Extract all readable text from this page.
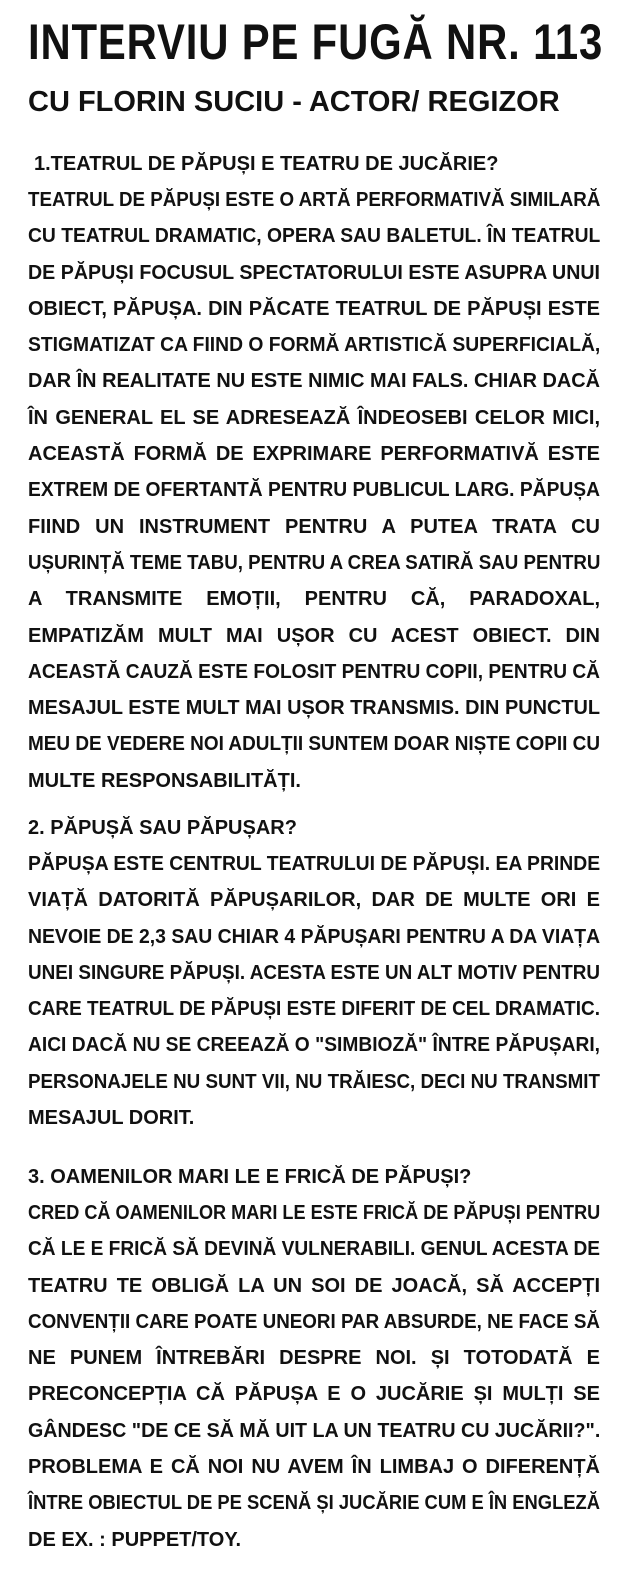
INTERVIU PE FUGĂ NR. 113
CU FLORIN SUCIU - ACTOR/ REGIZOR
1.TEATRUL DE PĂPUȘI E TEATRU DE JUCĂRIE?
TEATRUL DE PĂPUȘI ESTE O ARTĂ PERFORMATIVĂ SIMILARĂ
CU TEATRUL DRAMATIC, OPERA SAU BALETUL. ÎN TEATRUL
DE PĂPUȘI FOCUSUL SPECTATORULUI ESTE ASUPRA UNUI
OBIECT, PĂPUȘA. DIN PĂCATE TEATRUL DE PĂPUȘI ESTE
STIGMATIZAT CA FIIND O FORMĂ ARTISTICĂ SUPERFICIALĂ,
DAR ÎN REALITATE NU ESTE NIMIC MAI FALS. CHIAR DACĂ
ÎN GENERAL EL SE ADRESEAZĂ ÎNDEOSEBI CELOR MICI,
ACEASTĂ FORMĂ DE EXPRIMARE PERFORMATIVĂ ESTE
EXTREM DE OFERTANTĂ PENTRU PUBLICUL LARG. PĂPUȘA
FIIND UN INSTRUMENT PENTRU A PUTEA TRATA CU
UȘURINȚĂ TEME TABU, PENTRU A CREA SATIRĂ SAU PENTRU
A TRANSMITE EMOȚII, PENTRU CĂ, PARADOXAL,
EMPATIZĂM MULT MAI UȘOR CU ACEST OBIECT. DIN
ACEASTĂ CAUZĂ ESTE FOLOSIT PENTRU COPII, PENTRU CĂ
MESAJUL ESTE MULT MAI UȘOR TRANSMIS. DIN PUNCTUL
MEU DE VEDERE NOI ADULȚII SUNTEM DOAR NIȘTE COPII CU
MULTE RESPONSABILITĂȚI.
2. PĂPUȘĂ SAU PĂPUȘAR?
PĂPUȘA ESTE CENTRUL TEATRULUI DE PĂPUȘI. EA PRINDE
VIAȚĂ DATORITĂ PĂPUȘARILOR, DAR DE MULTE ORI E
NEVOIE DE 2,3 SAU CHIAR 4 PĂPUȘARI PENTRU A DA VIAȚA
UNEI SINGURE PĂPUȘI. ACESTA ESTE UN ALT MOTIV PENTRU
CARE TEATRUL DE PĂPUȘI ESTE DIFERIT DE CEL DRAMATIC.
AICI DACĂ NU SE CREEAZĂ O "SIMBIOZĂ" ÎNTRE PĂPUȘARI,
PERSONAJELE NU SUNT VII, NU TRĂIESC, DECI NU TRANSMIT
MESAJUL DORIT.
3. OAMENILOR MARI LE E FRICĂ DE PĂPUȘI?
CRED CĂ OAMENILOR MARI LE ESTE FRICĂ DE PĂPUȘI PENTRU
CĂ LE E FRICĂ SĂ DEVINĂ VULNERABILI. GENUL ACESTA DE
TEATRU TE OBLIGĂ LA UN SOI DE JOACĂ, SĂ ACCEPȚI
CONVENȚII CARE POATE UNEORI PAR ABSURDE, NE FACE SĂ
NE PUNEM ÎNTREBĂRI DESPRE NOI. ȘI TOTODATĂ E
PRECONCEPȚIA CĂ PĂPUȘA E O JUCĂRIE ȘI MULȚI SE
GÂNDESC "DE CE SĂ MĂ UIT LA UN TEATRU CU JUCĂRII?".
PROBLEMA E CĂ NOI NU AVEM ÎN LIMBAJ O DIFERENȚĂ
ÎNTRE OBIECTUL DE PE SCENĂ ȘI JUCĂRIE CUM E ÎN ENGLEZĂ
DE EX. : PUPPET/TOY.
